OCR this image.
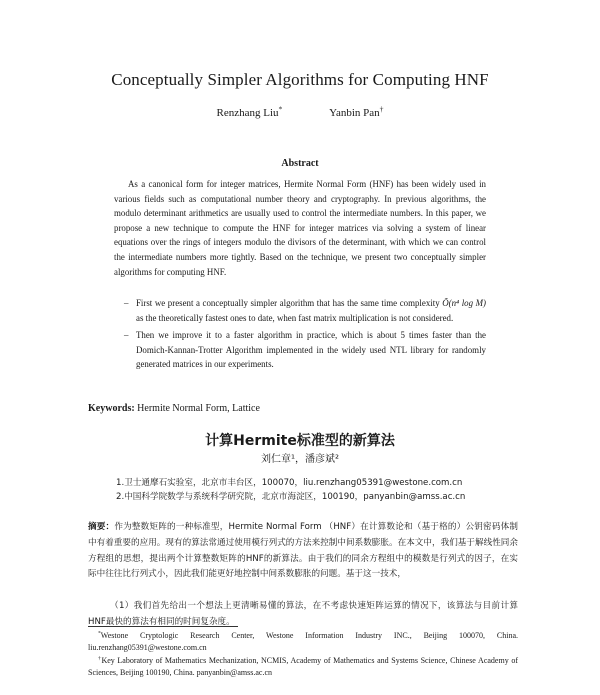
Conceptually Simpler Algorithms for Computing HNF
Renzhang Liu*	Yanbin Pan†
Abstract
As a canonical form for integer matrices, Hermite Normal Form (HNF) has been widely used in various fields such as computational number theory and cryptography. In previous algorithms, the modulo determinant arithmetics are usually used to control the intermediate numbers. In this paper, we propose a new technique to compute the HNF for integer matrices via solving a system of linear equations over the rings of integers modulo the divisors of the determinant, with which we can control the intermediate numbers more tightly. Based on the technique, we present two conceptually simpler algorithms for computing HNF.
– First we present a conceptually simpler algorithm that has the same time complexity Õ(n⁴ log M) as the theoretically fastest ones to date, when fast matrix multiplication is not considered.
– Then we improve it to a faster algorithm in practice, which is about 5 times faster than the Domich-Kannan-Trotter Algorithm implemented in the widely used NTL library for randomly generated matrices in our experiments.
Keywords: Hermite Normal Form, Lattice
计算Hermite标准型的新算法
刘仁章¹，潘彦斌²
1.卫士通摩石实验室，北京市丰台区，100070，liu.renzhang05391@westone.com.cn
2.中国科学院数学与系统科学研究院，北京市海淀区，100190，panyanbin@amss.ac.cn
摘要：作为整数矩阵的一种标准型，Hermite Normal Form （HNF）在计算数论和（基于格的）公钥密码体制中有着重要的应用。现有的算法常通过使用模行列式的方法来控制中间系数膨胀。在本文中，我们基于解线性同余方程组的思想，提出两个计算整数矩阵的HNF的新算法。由于我们的同余方程组中的模数是行列式的因子，在实际中往往比行列式小，因此我们能更好地控制中间系数膨胀的问题。基于这一技术，
（1）我们首先给出一个想法上更清晰易懂的算法，在不考虑快速矩阵运算的情况下，该算法与目前计算HNF最快的算法有相同的时间复杂度。
*Westone Cryptologic Research Center, Westone Information Industry INC., Beijing 100070, China. liu.renzhang05391@westone.com.cn
†Key Laboratory of Mathematics Mechanization, NCMIS, Academy of Mathematics and Systems Science, Chinese Academy of Sciences, Beijing 100190, China. panyanbin@amss.ac.cn
